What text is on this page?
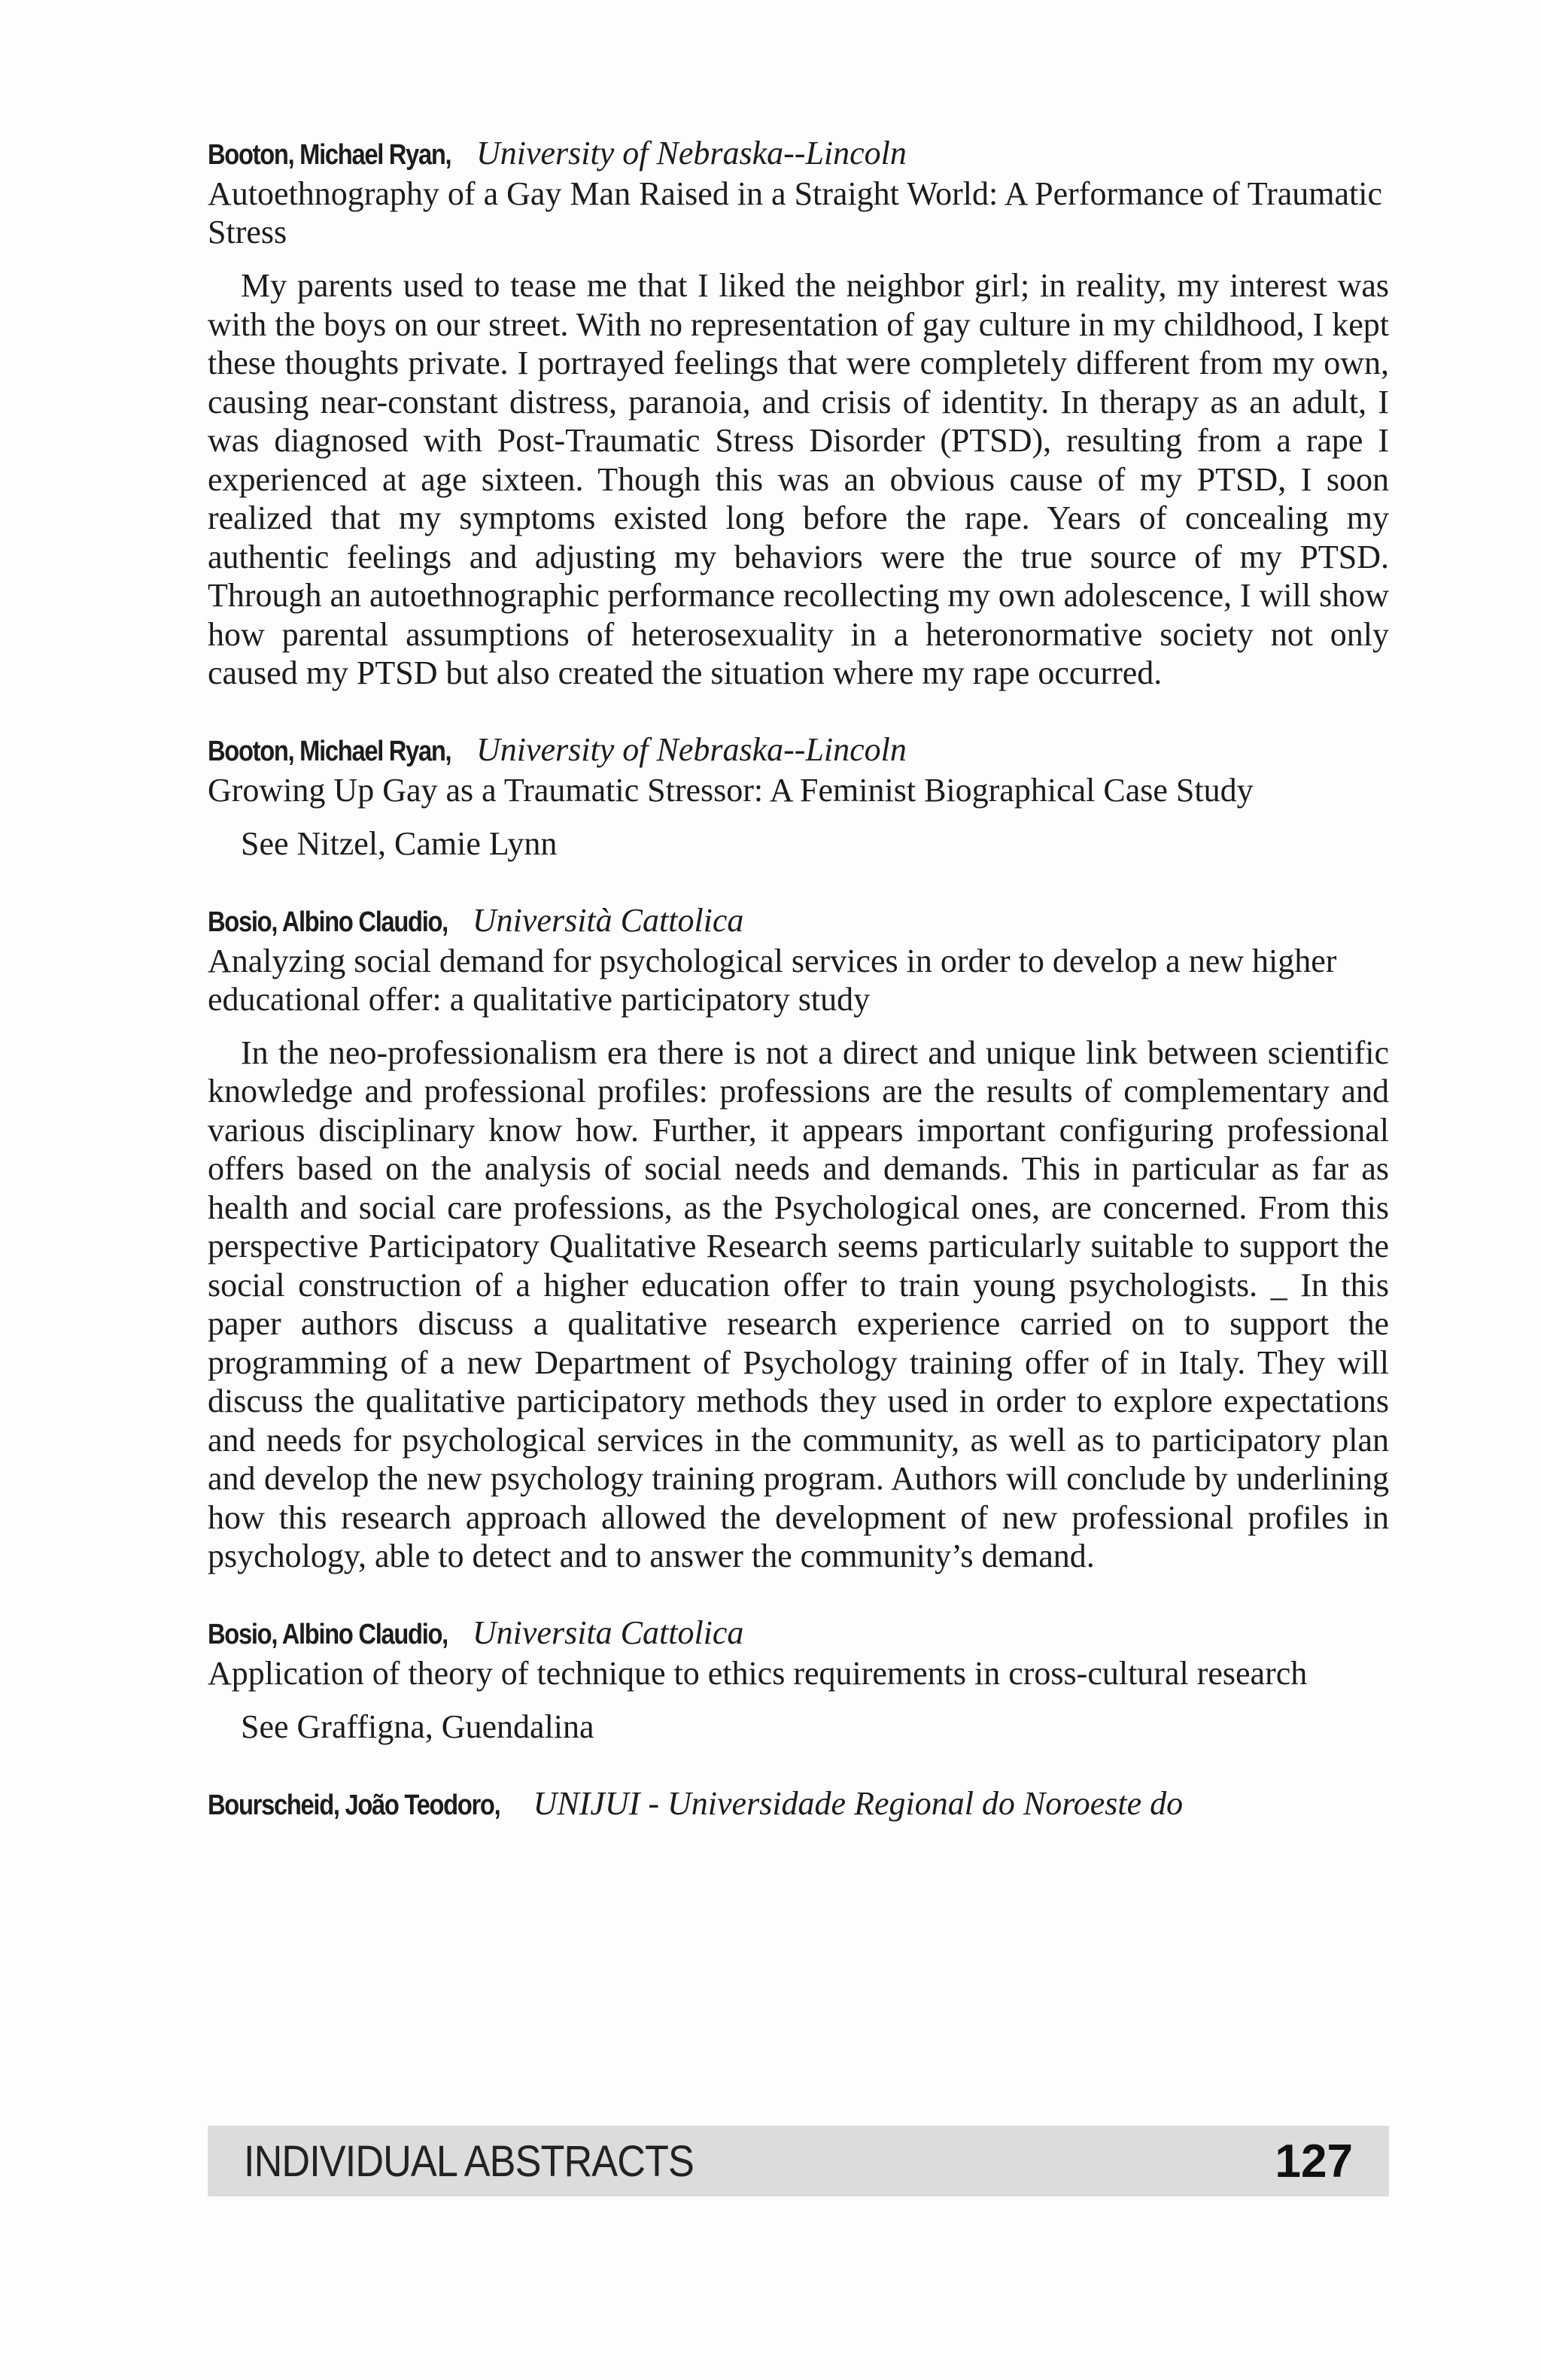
Booton, Michael Ryan, University of Nebraska--Lincoln
Autoethnography of a Gay Man Raised in a Straight World: A Performance of Traumatic Stress
My parents used to tease me that I liked the neighbor girl; in reality, my interest was with the boys on our street. With no representation of gay culture in my childhood, I kept these thoughts private. I portrayed feelings that were completely different from my own, causing near-constant distress, paranoia, and crisis of identity. In therapy as an adult, I was diagnosed with Post-Traumatic Stress Disorder (PTSD), resulting from a rape I experienced at age sixteen. Though this was an obvious cause of my PTSD, I soon realized that my symptoms existed long before the rape. Years of concealing my authentic feelings and adjusting my behaviors were the true source of my PTSD. Through an autoethnographic performance recollecting my own adolescence, I will show how parental assumptions of heterosexuality in a heteronormative society not only caused my PTSD but also created the situation where my rape occurred.
Booton, Michael Ryan, University of Nebraska--Lincoln
Growing Up Gay as a Traumatic Stressor: A Feminist Biographical Case Study
See Nitzel, Camie Lynn
Bosio, Albino Claudio, Università Cattolica
Analyzing social demand for psychological services in order to develop a new higher educational offer: a qualitative participatory study
In the neo-professionalism era there is not a direct and unique link between scientific knowledge and professional profiles: professions are the results of complementary and various disciplinary know how. Further, it appears important configuring professional offers based on the analysis of social needs and demands. This in particular as far as health and social care professions, as the Psychological ones, are concerned. From this perspective Participatory Qualitative Research seems particularly suitable to support the social construction of a higher education offer to train young psychologists. _ In this paper authors discuss a qualitative research experience carried on to support the programming of a new Department of Psychology training offer of in Italy. They will discuss the qualitative participatory methods they used in order to explore expectations and needs for psychological services in the community, as well as to participatory plan and develop the new psychology training program. Authors will conclude by underlining how this research approach allowed the development of new professional profiles in psychology, able to detect and to answer the community’s demand.
Bosio, Albino Claudio, Universita Cattolica
Application of theory of technique to ethics requirements in cross-cultural research
See Graffigna, Guendalina
Bourscheid, João Teodoro, UNIJUI - Universidade Regional do Noroeste do
INDIVIDUAL ABSTRACTS	127
